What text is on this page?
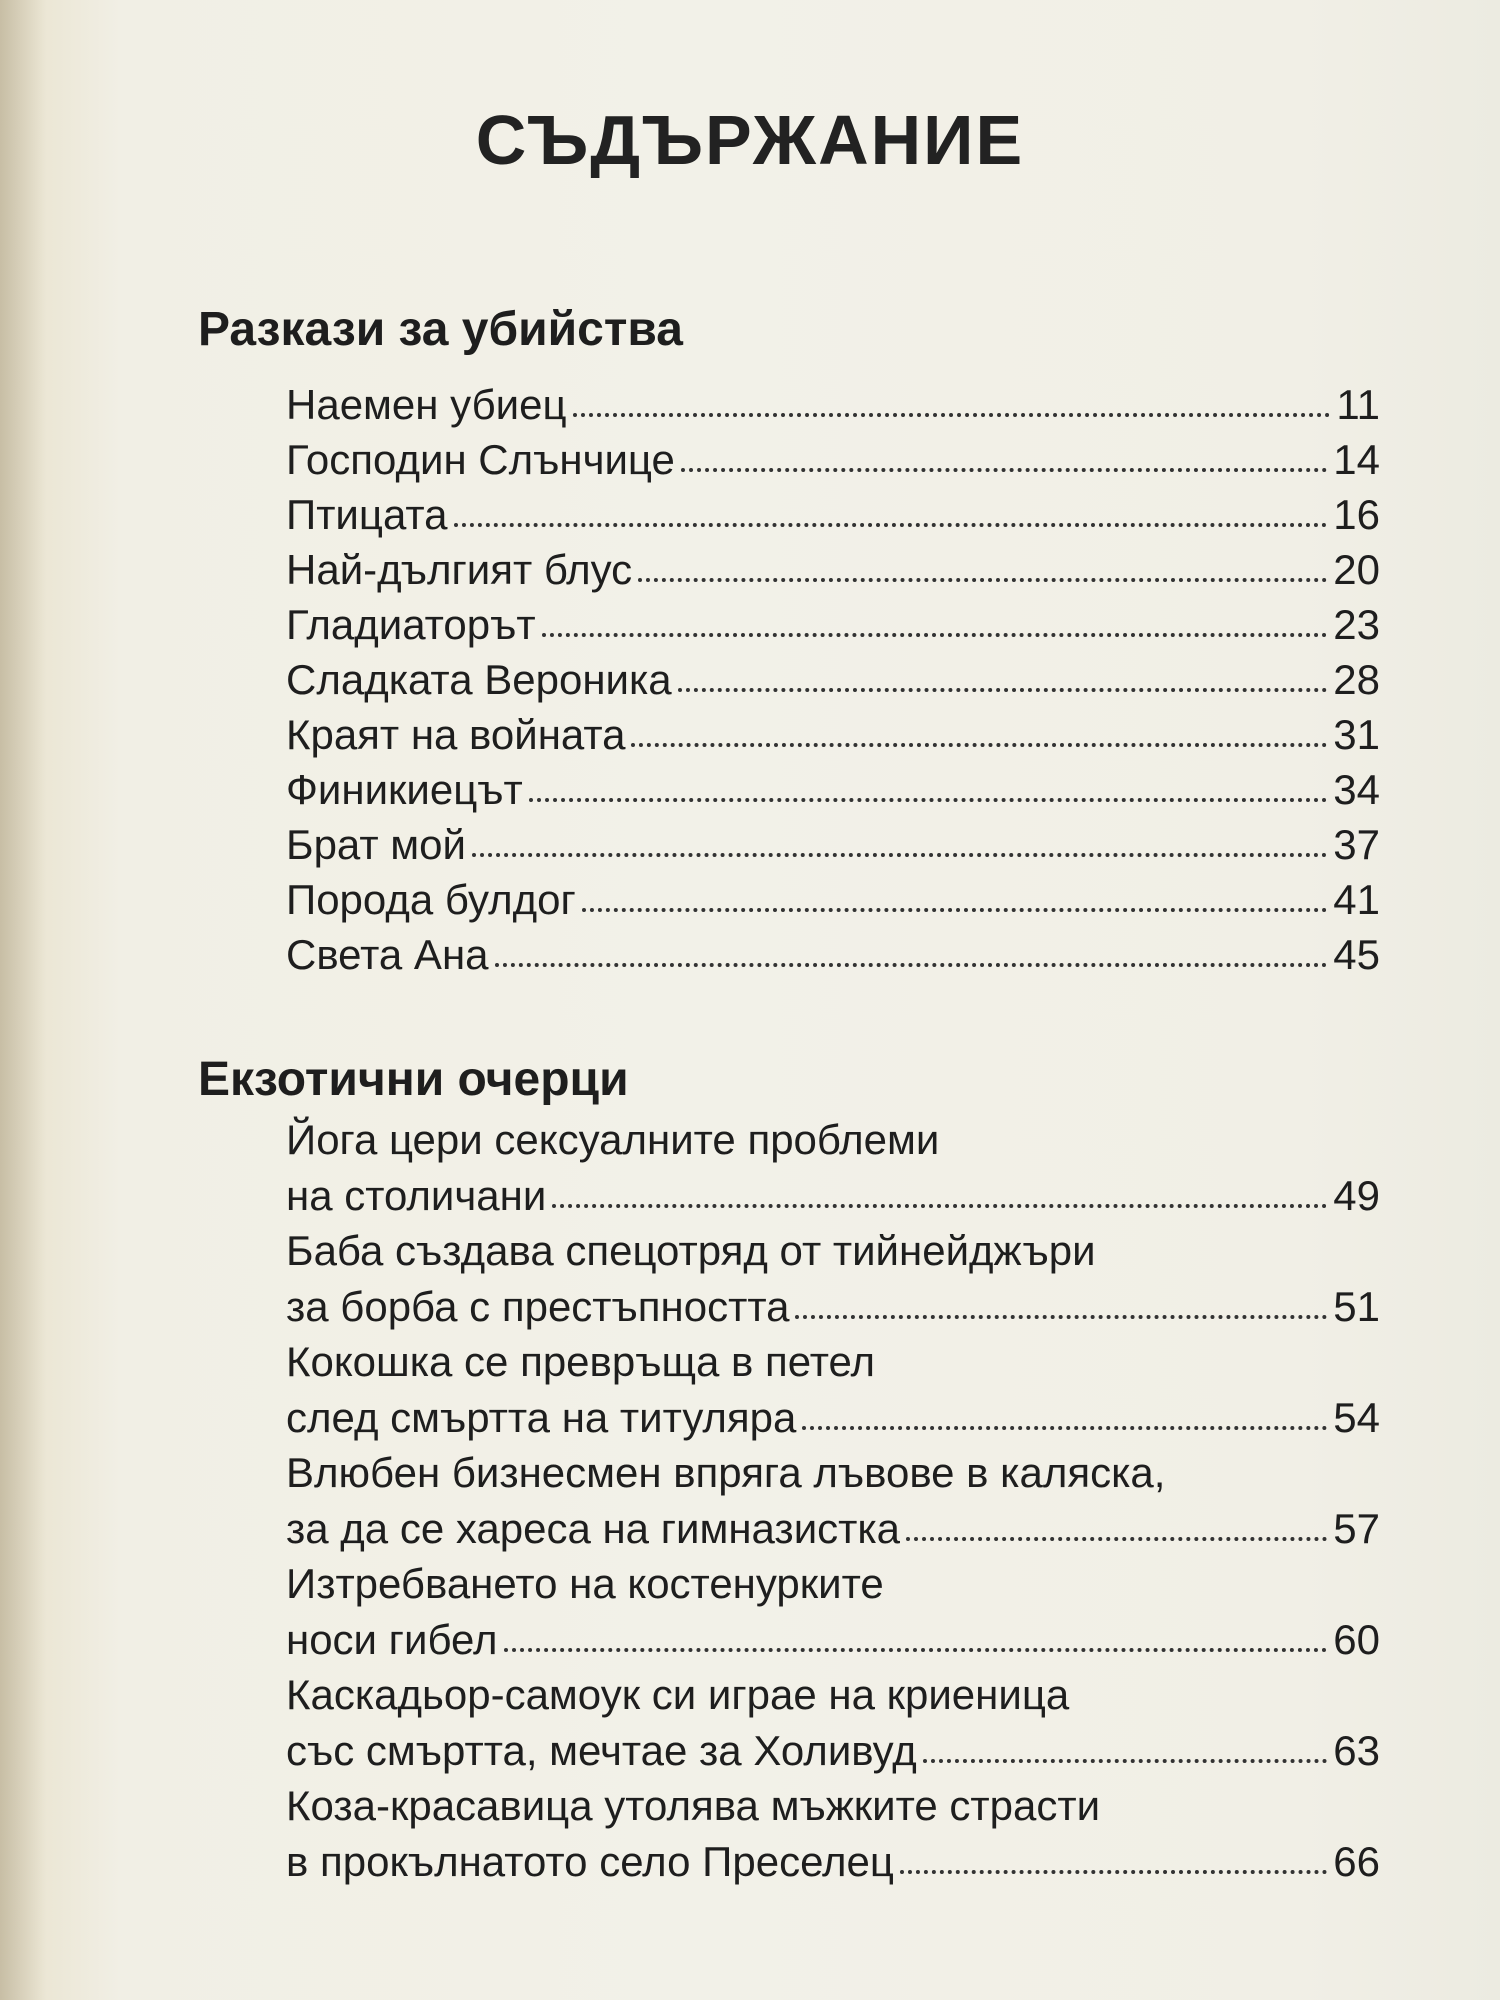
СЪДЪРЖАНИЕ
Разкази за убийства
Наемен убиец	11
Господин Слънчице	14
Птицата	16
Най-дългият блус	20
Гладиаторът	23
Сладката Вероника	28
Краят на войната	31
Финикиецът	34
Брат мой	37
Порода булдог	41
Света Ана	45
Екзотични очерци
Йога цери сексуалните проблеми
на столичани	49
Баба създава спецотряд от тийнейджъри
за борба с престъпността	51
Кокошка се превръща в петел
след смъртта на титуляра	54
Влюбен бизнесмен впряга лъвове в каляска,
за да се хареса на гимназистка	57
Изтребването на костенурките
носи гибел	60
Каскадьор-самоук си играе на криеница
със смъртта, мечтае за Холивуд	63
Коза-красавица утолява мъжките страсти
в прокълнатото село Преселец	66
